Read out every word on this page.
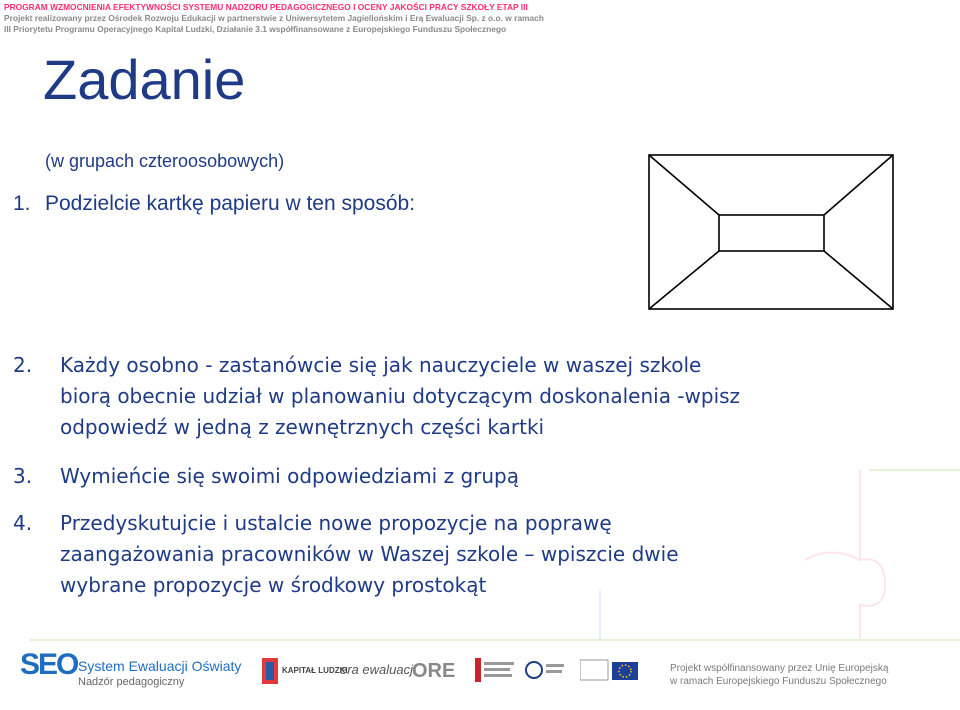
PROGRAM WZMOCNIENIA EFEKTYWNOŚCI SYSTEMU NADZORU PEDAGOGICZNEGO I OCENY JAKOŚCI PRACY SZKOŁY ETAP III
Projekt realizowany przez Ośrodek Rozwoju Edukacji w partnerstwie z Uniwersytetem Jagiellońskim i Erą Ewaluacji Sp. z o.o. w ramach
III Priorytetu Programu Operacyjnego Kapitał Ludzki, Działanie 3.1 współfinansowane z Europejskiego Funduszu Społecznego
Zadanie
(w grupach czteroosobowych)
1. Podzielcie kartkę papieru w ten sposób:
2. Każdy osobno - zastanówcie się jak nauczyciele w waszej szkole
biorą obecnie udział w planowaniu dotyczącym doskonalenia -wpisz
odpowiedź w jedną z zewnętrznych części kartki
3. Wymieńcie się swoimi odpowiedziami z grupą
4. Przedyskutujcie i ustalcie nowe propozycje na poprawę
zaangażowania pracowników w Waszej szkole – wpiszcie dwie
wybrane propozycje w środkowy prostokąt
SEO System Ewaluacji Oświaty
Nadzór pedagogiczny
KAPITAŁ LUDZKI
era ewaluacji
ORE	Projekt współfinansowany przez Unię Europejską
w ramach Europejskiego Funduszu Społecznego
